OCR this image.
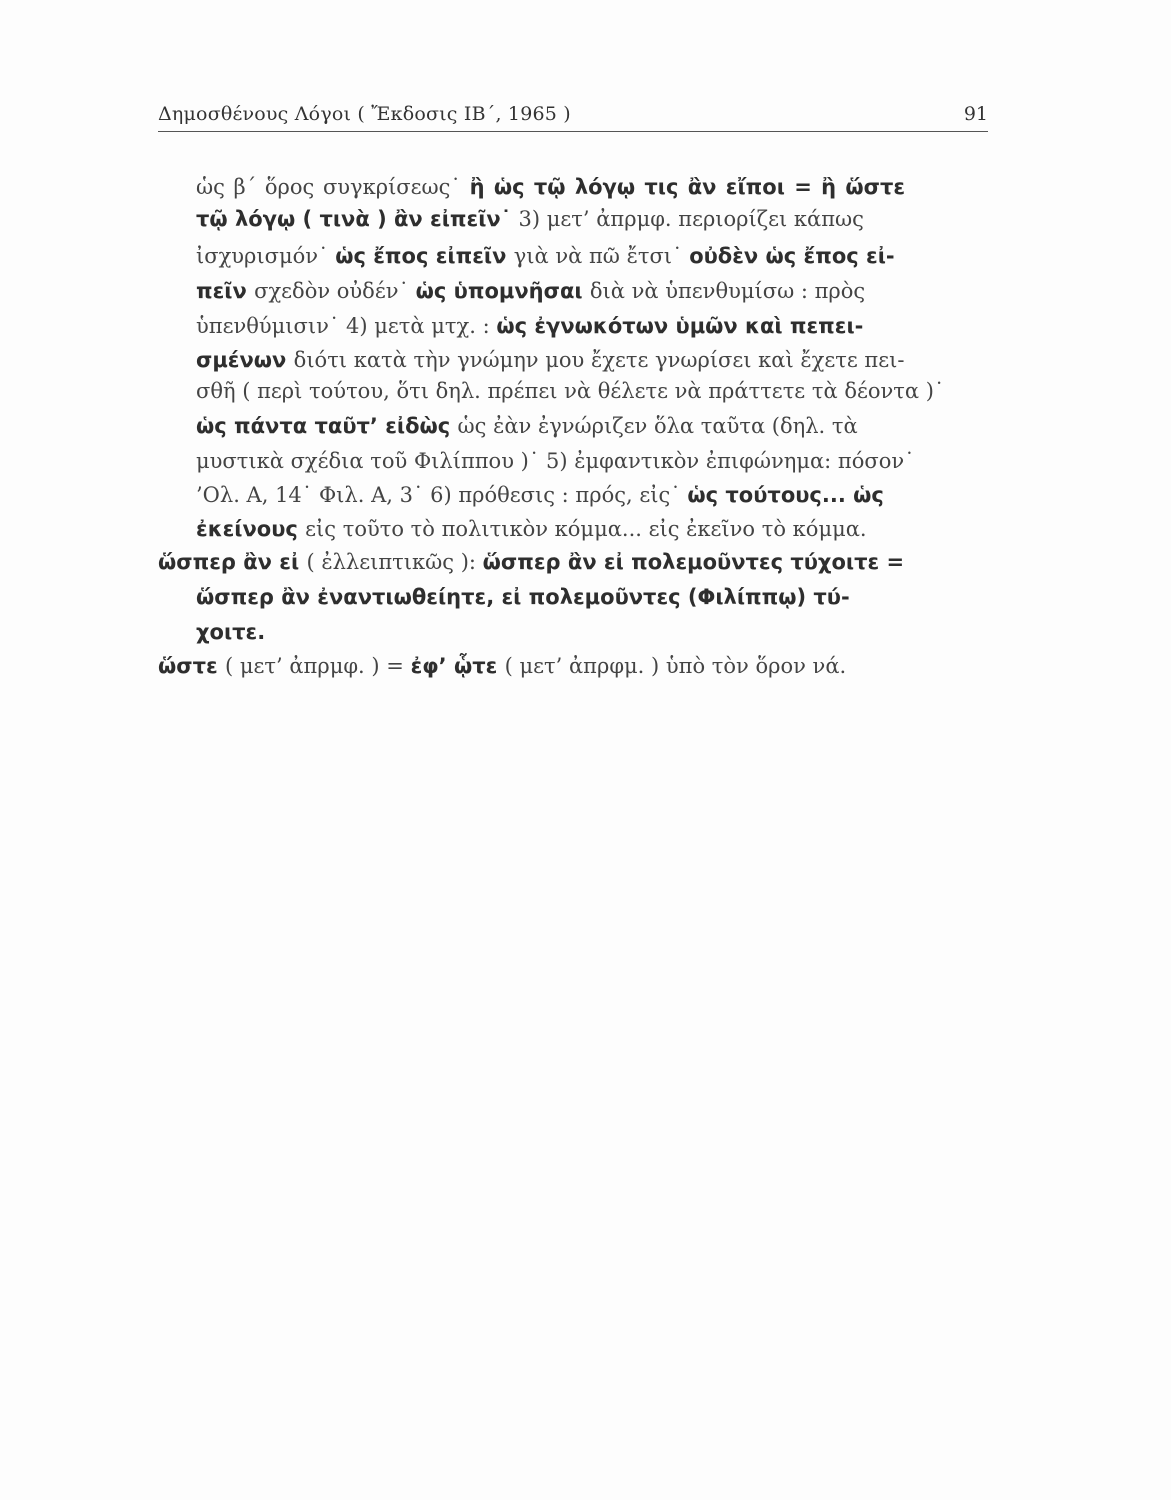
Δημοσθένους Λόγοι ( Ἔκδοσις ΙΒ΄, 1965 )	91
ὡς β΄ ὅρος συγκρίσεως˙ ἢ ὡς τῷ λόγῳ τις ἂν εἴποι = ἢ ὥστε
τῷ λόγῳ ( τινὰ ) ἂν εἰπεῖν˙ 3) μετ’ ἀπρμφ. περιορίζει κάπως
ἰσχυρισμόν˙ ὡς ἔπος εἰπεῖν γιὰ νὰ πῶ ἔτσι˙ οὐδὲν ὡς ἔπος εἰ-
πεῖν σχεδὸν οὐδέν˙ ὡς ὑπομνῆσαι διὰ νὰ ὑπενθυμίσω : πρὸς
ὑπενθύμισιν˙ 4) μετὰ μτχ. : ὡς ἐγνωκότων ὑμῶν καὶ πεπει-
σμένων διότι κατὰ τὴν γνώμην μου ἔχετε γνωρίσει καὶ ἔχετε πει-
σθῆ ( περὶ τούτου, ὅτι δηλ. πρέπει νὰ θέλετε νὰ πράττετε τὰ δέοντα )˙
ὡς πάντα ταῦτ’ εἰδὼς ὡς ἐὰν ἐγνώριζεν ὅλα ταῦτα (δηλ. τὰ
μυστικὰ σχέδια τοῦ Φιλίππου )˙ 5) ἐμφαντικὸν ἐπιφώνημα: πόσον˙
’Ολ. Α, 14˙ Φιλ. Α, 3˙ 6) πρόθεσις : πρός, εἰς˙ ὡς τούτους... ὡς
ἐκείνους εἰς τοῦτο τὸ πολιτικὸν κόμμα... εἰς ἐκεῖνο τὸ κόμμα.
ὥσπερ ἂν εἰ ( ἐλλειπτικῶς ): ὥσπερ ἂν εἰ πολεμοῦντες τύχοιτε =
ὥσπερ ἂν ἐναντιωθείητε, εἰ πολεμοῦντες (Φιλίππῳ) τύ-
χοιτε.
ὥστε ( μετ’ ἀπρμφ. ) = ἐφ’ ᾧτε ( μετ’ ἀπρφμ. ) ὑπὸ τὸν ὅρον νά.
